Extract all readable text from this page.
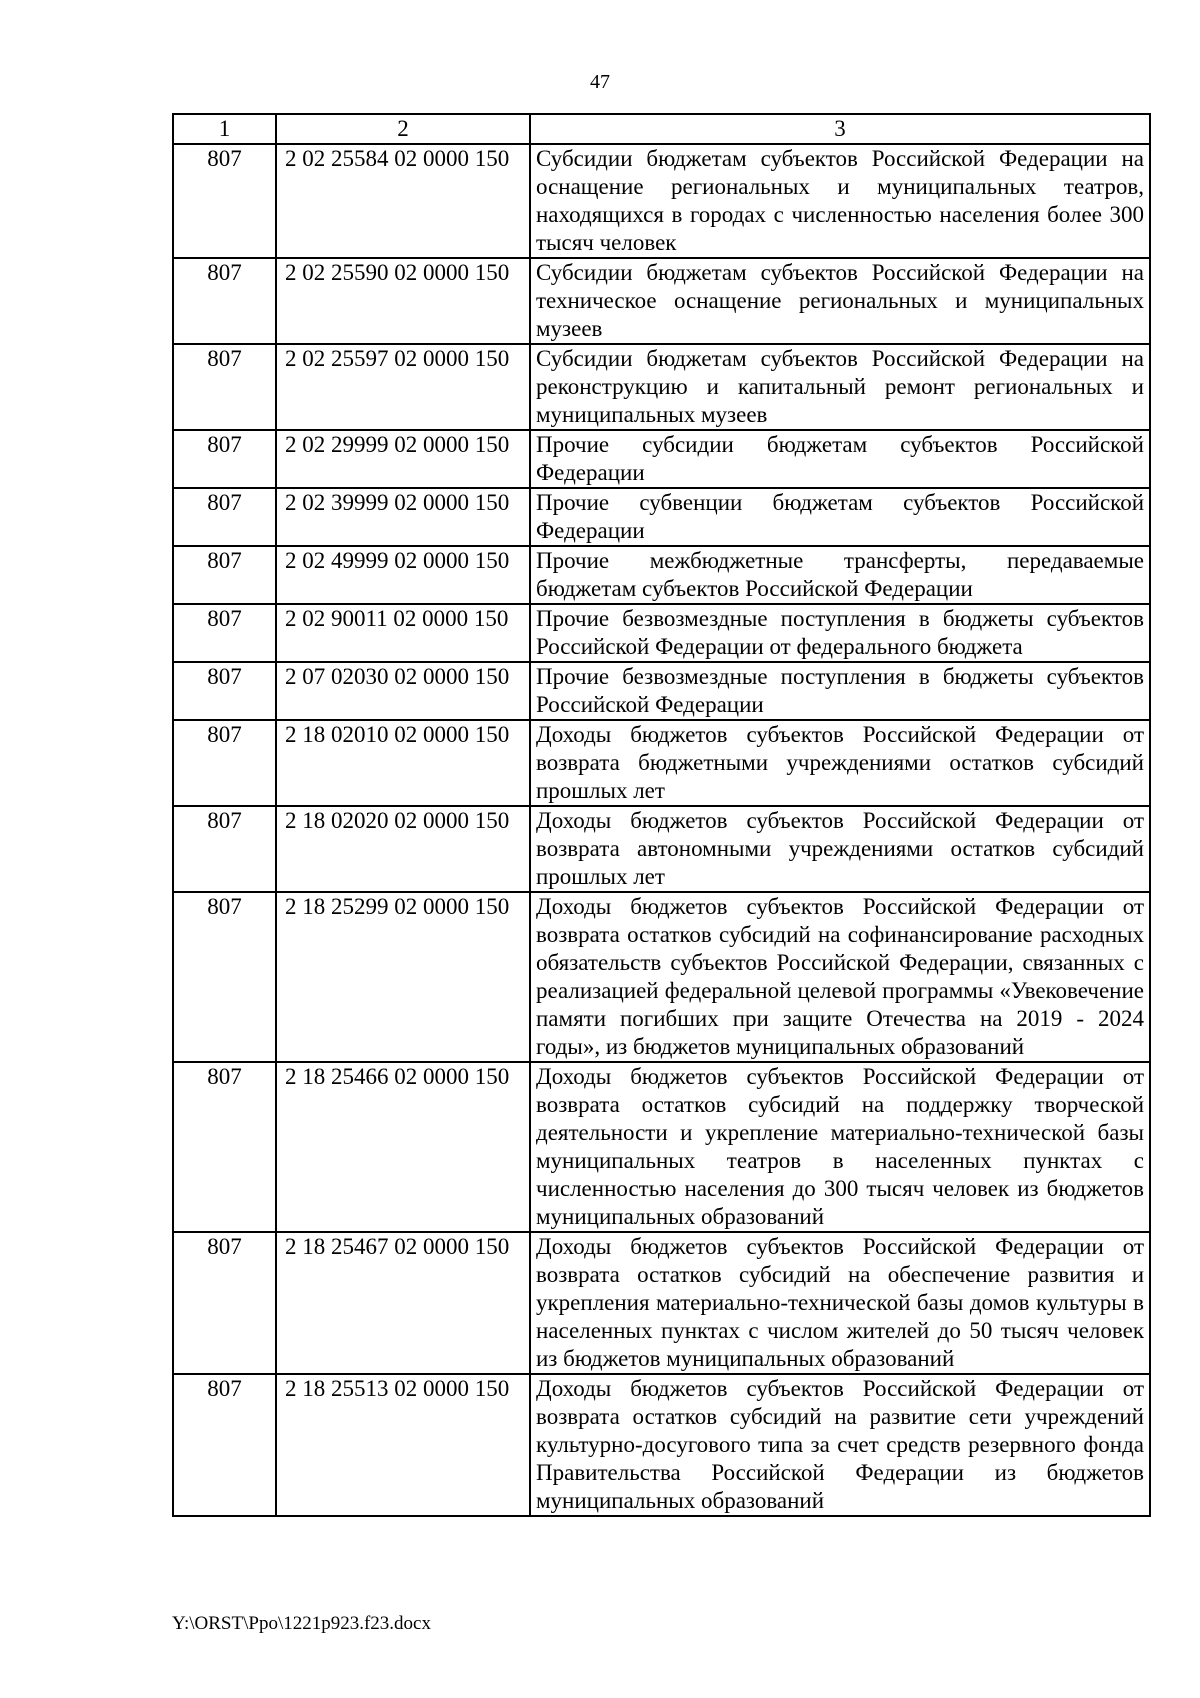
47
1	2	3
807	2 02 25584 02 0000 150	Субсидии бюджетам субъектов Российской Федерации на оснащение региональных и муниципальных театров, находящихся в городах с численностью населения более 300 тысяч человек
807	2 02 25590 02 0000 150	Субсидии бюджетам субъектов Российской Федерации на техническое оснащение региональных и муниципальных музеев
807	2 02 25597 02 0000 150	Субсидии бюджетам субъектов Российской Федерации на реконструкцию и капитальный ремонт региональных и муниципальных музеев
807	2 02 29999 02 0000 150	Прочие субсидии бюджетам субъектов Российской Федерации
807	2 02 39999 02 0000 150	Прочие субвенции бюджетам субъектов Российской Федерации
807	2 02 49999 02 0000 150	Прочие межбюджетные трансферты, передаваемые бюджетам субъектов Российской Федерации
807	2 02 90011 02 0000 150	Прочие безвозмездные поступления в бюджеты субъектов Российской Федерации от федерального бюджета
807	2 07 02030 02 0000 150	Прочие безвозмездные поступления в бюджеты субъектов Российской Федерации
807	2 18 02010 02 0000 150	Доходы бюджетов субъектов Российской Федерации от возврата бюджетными учреждениями остатков субсидий прошлых лет
807	2 18 02020 02 0000 150	Доходы бюджетов субъектов Российской Федерации от возврата автономными учреждениями остатков субсидий прошлых лет
807	2 18 25299 02 0000 150	Доходы бюджетов субъектов Российской Федерации от возврата остатков субсидий на софинансирование расходных обязательств субъектов Российской Федерации, связанных с реализацией федеральной целевой программы «Увековечение памяти погибших при защите Отечества на 2019 - 2024 годы», из бюджетов муниципальных образований
807	2 18 25466 02 0000 150	Доходы бюджетов субъектов Российской Федерации от возврата остатков субсидий на поддержку творческой деятельности и укрепление материально-технической базы муниципальных театров в населенных пунктах с численностью населения до 300 тысяч человек из бюджетов муниципальных образований
807	2 18 25467 02 0000 150	Доходы бюджетов субъектов Российской Федерации от возврата остатков субсидий на обеспечение развития и укрепления материально-технической базы домов культуры в населенных пунктах с числом жителей до 50 тысяч человек из бюджетов муниципальных образований
807	2 18 25513 02 0000 150	Доходы бюджетов субъектов Российской Федерации от возврата остатков субсидий на развитие сети учреждений культурно-досугового типа за счет средств резервного фонда Правительства Российской Федерации из бюджетов муниципальных образований
Y:\ORST\Ppo\1221p923.f23.docx
